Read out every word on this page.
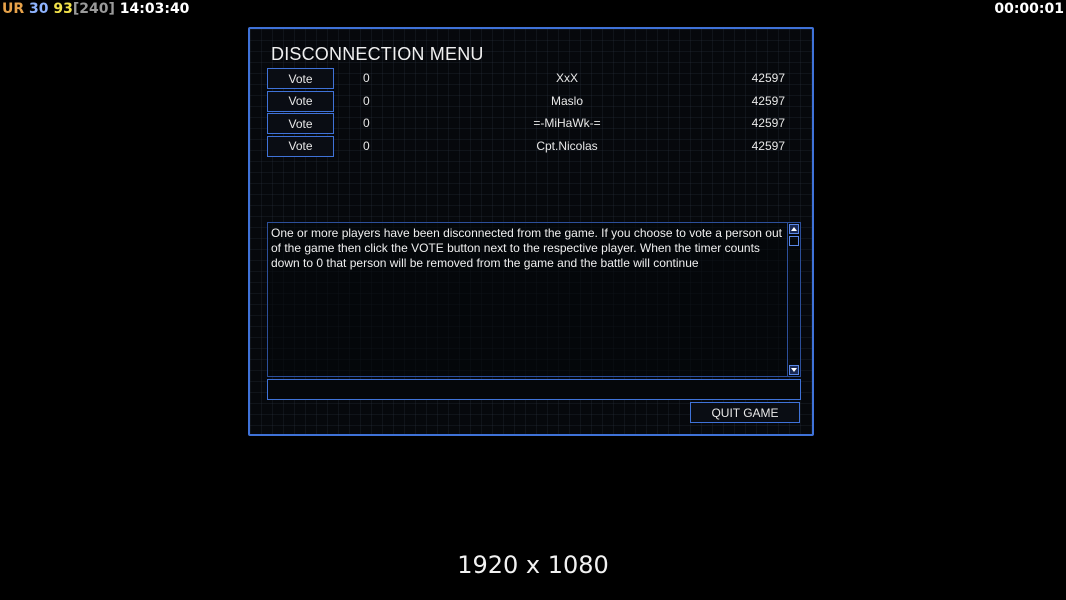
UR 30 93[240] 14:03:40	00:00:01
DISCONNECTION MENU
Vote	0	XxX	42597
Vote	0	Maslo	42597
Vote	0	=-MiHaWk-=	42597
Vote	0	Cpt.Nicolas	42597
One or more players have been disconnected from the game. If you choose to vote a person out of the game then click the VOTE button next to the respective player. When the timer counts down to 0 that person will be removed from the game and the battle will continue
QUIT GAME
1920 x 1080
